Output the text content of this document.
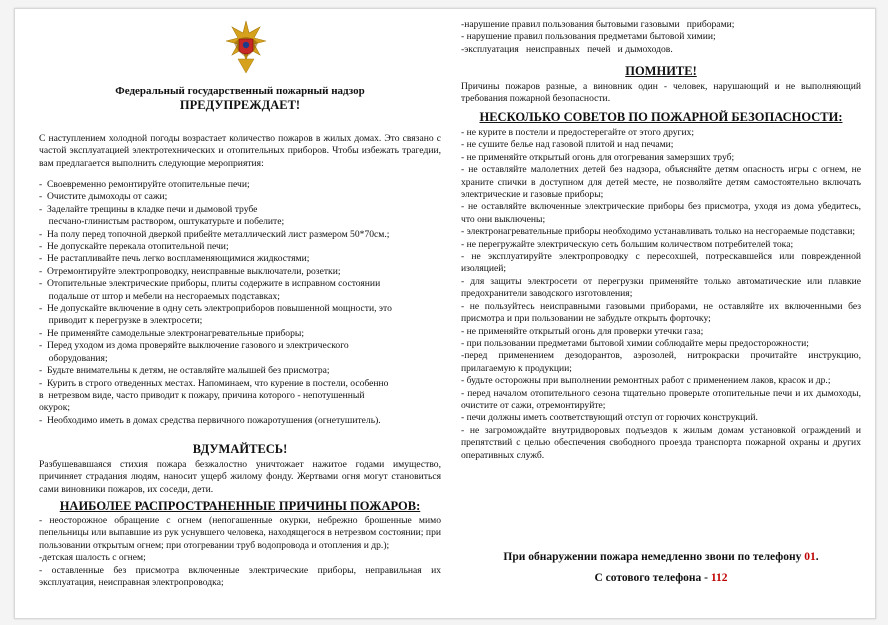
Федеральный государственный пожарный надзор
ПРЕДУПРЕЖДАЕТ!

С наступлением холодной погоды возрастает количество пожаров в жилых домах. Это связано с частой эксплуатацией электротехнических и отопительных приборов. Чтобы избежать трагедии, вам предлагается выполнить следующие мероприятия:

-  Своевременно ремонтируйте отопительные печи;
-  Очистите дымоходы от сажи;
-  Заделайте трещины в кладке печи и дымовой трубе
песчано-глинистым раствором, оштукатурьте и побелите;
-  На полу перед топочной дверкой прибейте металлический лист размером 50*70см.;
-  Не допускайте перекала отопительной печи;
-  Не растапливайте печь легко воспламеняющимися жидкостями;
-  Отремонтируйте электропроводку, неисправные выключатели, розетки;
-  Отопительные электрические приборы, плиты содержите в исправном состоянии
подальше от штор и мебели на несгораемых подставках;
-  Не допускайте включение в одну сеть электроприборов повышенной мощности, это
приводит к перегрузке в электросети;
-  Не применяйте самодельные электронагревательные приборы;
-  Перед уходом из дома проверяйте выключение газового и электрического
оборудования;
-  Будьте внимательны к детям, не оставляйте малышей без присмотра;
-  Курить в строго отведенных местах. Напоминаем, что курение в постели, особенно
в  нетрезвом виде, часто приводит к пожару, причина которого - непотушенный
окурок;
-  Необходимо иметь в домах средства первичного пожаротушения (огнетушитель).
ВДУМАЙТЕСЬ!

Разбушевавшаяся стихия пожара безжалостно уничтожает нажитое годами имущество, причиняет страдания людям, наносит ущерб жилому фонду. Жертвами огня могут становиться сами виновники пожаров, их соседи, дети.

НАИБОЛЕЕ РАСПРОСТРАНЕННЫЕ ПРИЧИНЫ ПОЖАРОВ:
- неосторожное обращение с огнем (непогашенные окурки, небрежно брошенные мимо пепельницы или выпавшие из рук уснувшего человека, находящегося в нетрезвом состоянии; при пользовании открытым огнем; при отогревании труб водопровода и отопления и др.);
-детская шалость с огнем;
- оставленные без присмотра включенные электрические приборы, неправильная их эксплуатация, неисправная электропроводка;
-нарушение правил пользования бытовыми газовыми   приборами;
- нарушение правил пользования предметами бытовой химии;
-эксплуатация   неисправных   печей   и дымоходов.
ПОМНИТЕ!

Причины пожаров разные, а виновник один - человек, нарушающий и не выполняющий требования пожарной безопасности.

НЕСКОЛЬКО СОВЕТОВ ПО ПОЖАРНОЙ БЕЗОПАСНОСТИ:
- не курите в постели и предостерегайте от этого других;
- не сушите белье над газовой плитой и над печами;
- не применяйте открытый огонь для отогревания замерзших труб;
- не оставляйте малолетних детей без надзора, объясняйте детям опасность игры с огнем, не храните спички в доступном для детей месте, не позволяйте детям самостоятельно включать электрические и газовые приборы;
- не оставляйте включенные электрические приборы без присмотра, уходя из дома убедитесь, что они выключены;
- электронагревательные приборы необходимо устанавливать только на несгораемые подставки;
- не перегружайте электрическую сеть большим количеством потребителей тока;
- не эксплуатируйте электропроводку с пересохшей, потрескавшейся или поврежденной изоляцией;
- для защиты электросети от перегрузки применяйте только автоматические или плавкие предохранители заводского изготовления;
- не пользуйтесь неисправными газовыми приборами, не оставляйте их включенными без присмотра и при пользовании не забудьте открыть форточку;
- не применяйте открытый огонь для проверки утечки газа;
- при пользовании предметами бытовой химии соблюдайте меры предосторожности;
-перед применением дезодорантов, аэрозолей, нитрокраски прочитайте инструкцию, прилагаемую к продукции;
- будьте осторожны при выполнении ремонтных работ с применением лаков, красок и др.;
- перед началом отопительного сезона тщательно проверьте отопительные печи и их дымоходы, очистите от сажи, отремонтируйте;
- печи должны иметь соответствующий отступ от горючих конструкций.
- не загромождайте внутридворовых подъездов к жилым домам установкой ограждений и препятствий с целью обеспечения свободного проезда транспорта пожарной охраны и других оперативных служб.
При обнаружении пожара немедленно звони по телефону 01.
С сотового телефона - 112
